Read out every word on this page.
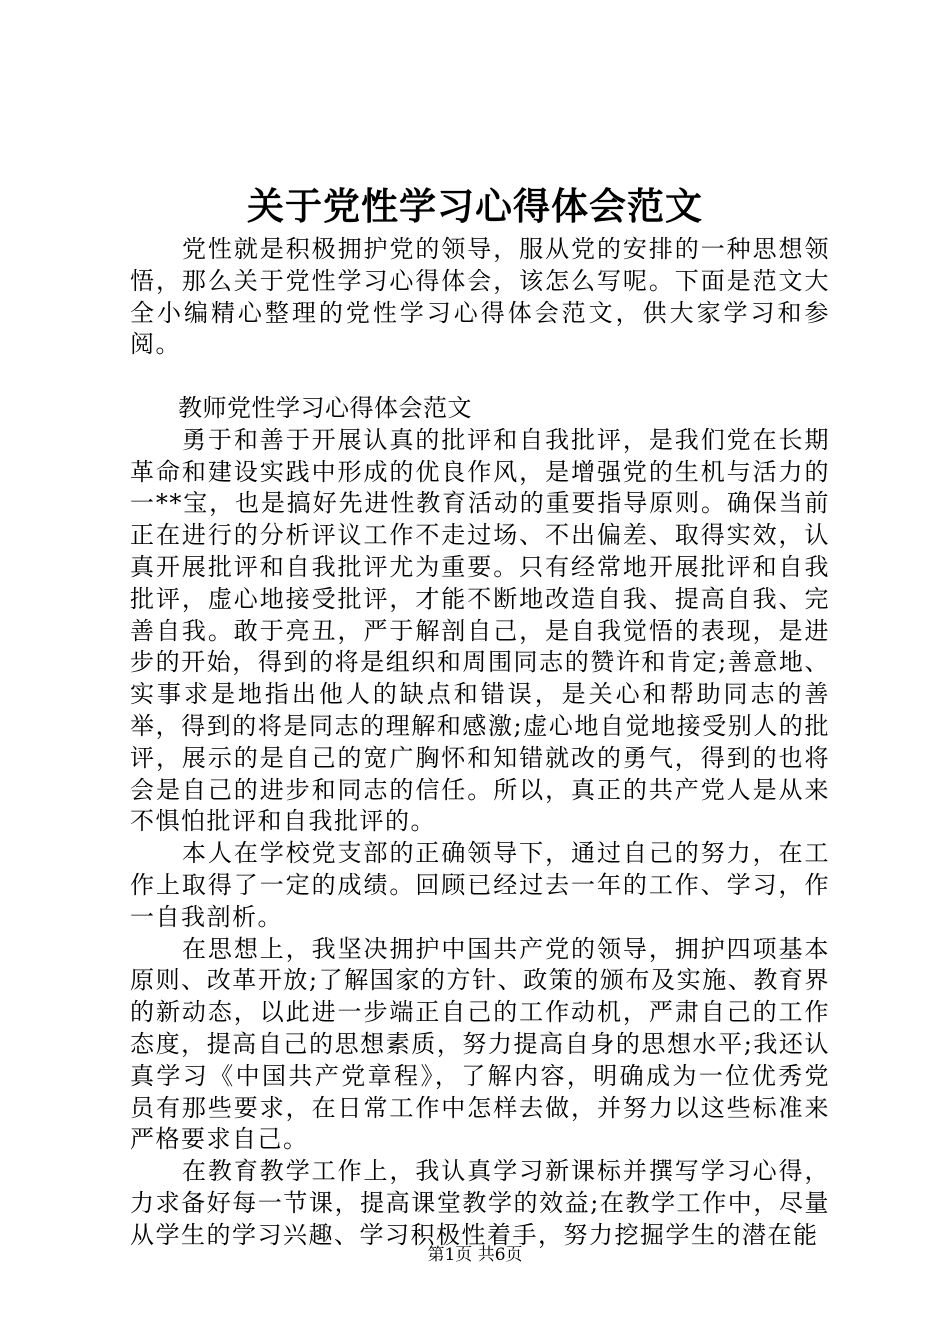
关于党性学习心得体会范文

党性就是积极拥护党的领导，服从党的安排的一种思想领悟，那么关于党性学习心得体会，该怎么写呢。下面是范文大全小编精心整理的党性学习心得体会范文，供大家学习和参阅。

教师党性学习心得体会范文

勇于和善于开展认真的批评和自我批评，是我们党在长期革命和建设实践中形成的优良作风，是增强党的生机与活力的一**宝，也是搞好先进性教育活动的重要指导原则。确保当前正在进行的分析评议工作不走过场、不出偏差、取得实效，认真开展批评和自我批评尤为重要。只有经常地开展批评和自我批评，虚心地接受批评，才能不断地改造自我、提高自我、完善自我。敢于亮丑，严于解剖自己，是自我觉悟的表现，是进步的开始，得到的将是组织和周围同志的赞许和肯定;善意地、实事求是地指出他人的缺点和错误，是关心和帮助同志的善举，得到的将是同志的理解和感激;虚心地自觉地接受别人的批评，展示的是自己的宽广胸怀和知错就改的勇气，得到的也将会是自己的进步和同志的信任。所以，真正的共产党人是从来不惧怕批评和自我批评的。

本人在学校党支部的正确领导下，通过自己的努力，在工作上取得了一定的成绩。回顾已经过去一年的工作、学习，作一自我剖析。

在思想上，我坚决拥护中国共产党的领导，拥护四项基本原则、改革开放;了解国家的方针、政策的颁布及实施、教育界的新动态，以此进一步端正自己的工作动机，严肃自己的工作态度，提高自己的思想素质，努力提高自身的思想水平;我还认真学习《中国共产党章程》，了解内容，明确成为一位优秀党员有那些要求，在日常工作中怎样去做，并努力以这些标准来严格要求自己。

在教育教学工作上，我认真学习新课标并撰写学习心得，力求备好每一节课，提高课堂教学的效益;在教学工作中，尽量从学生的学习兴趣、学习积极性着手，努力挖掘学生的潜在能

第1页 共6页
